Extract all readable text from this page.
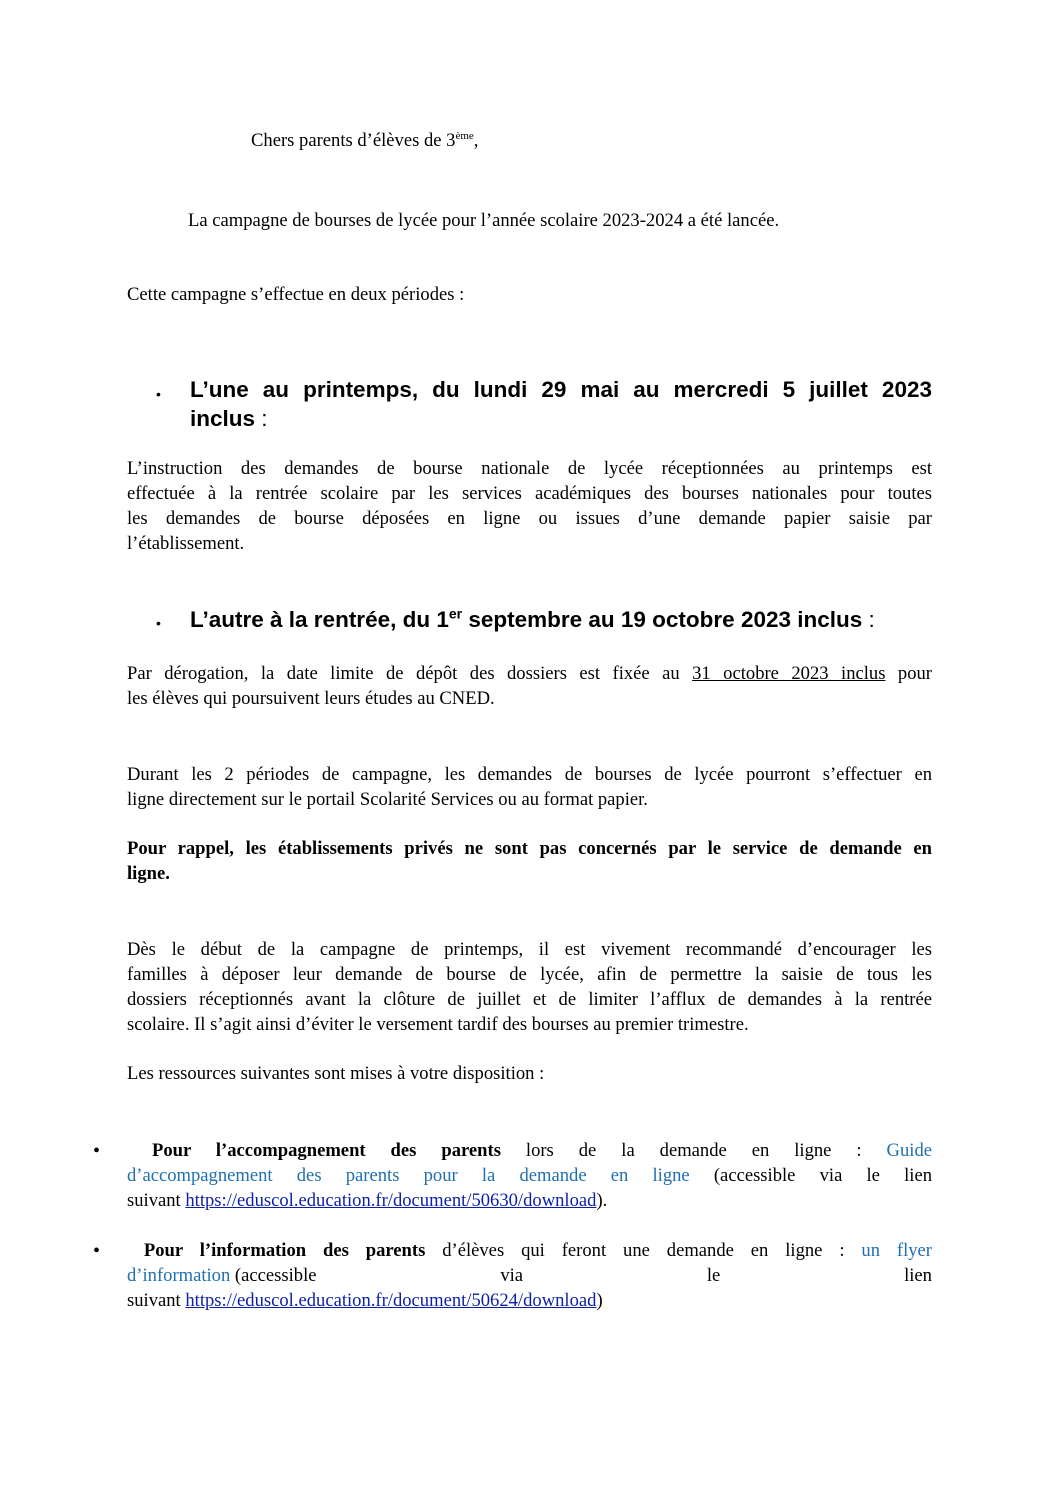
Chers parents d’élèves de 3ème,

La campagne de bourses de lycée pour l’année scolaire 2023-2024 a été lancée.

Cette campagne s’effectue en deux périodes :

• L’une au printemps, du lundi 29 mai au mercredi 5 juillet 2023
inclus :
L’instruction des demandes de bourse nationale de lycée réceptionnées au printemps est
effectuée à la rentrée scolaire par les services académiques des bourses nationales pour toutes
les demandes de bourse déposées en ligne ou issues d’une demande papier saisie par
l’établissement.
• L’autre à la rentrée, du 1er septembre au 19 octobre 2023 inclus :
Par dérogation, la date limite de dépôt des dossiers est fixée au 31 octobre 2023 inclus pour
les élèves qui poursuivent leurs études au CNED.
Durant les 2 périodes de campagne, les demandes de bourses de lycée pourront s’effectuer en
ligne directement sur le portail Scolarité Services ou au format papier.
Pour rappel, les établissements privés ne sont pas concernés par le service de demande en
ligne.
Dès le début de la campagne de printemps, il est vivement recommandé d’encourager les
familles à déposer leur demande de bourse de lycée, afin de permettre la saisie de tous les
dossiers réceptionnés avant la clôture de juillet et de limiter l’afflux de demandes à la rentrée
scolaire. Il s’agit ainsi d’éviter le versement tardif des bourses au premier trimestre.

Les ressources suivantes sont mises à votre disposition :

•	Pour l’accompagnement des parents lors de la demande en ligne : Guide
d’accompagnement des parents pour la demande en ligne (accessible via le lien
suivant https://eduscol.education.fr/document/50630/download).
•	Pour l’information des parents d’élèves qui feront une demande en ligne : un flyer
d’information (accessible	via	le	lien
suivant https://eduscol.education.fr/document/50624/download)
